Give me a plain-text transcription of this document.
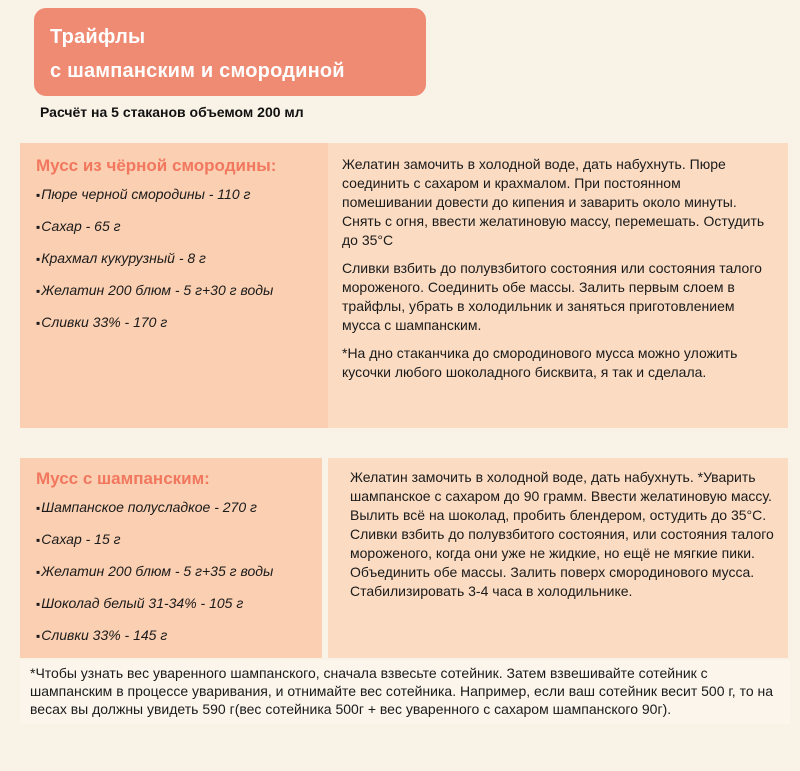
Трайфлы
с шампанским и смородиной
Расчёт на 5 стаканов объемом 200 мл
Мусс из чёрной смородины:
▪Пюре черной смородины - 110 г
▪Сахар - 65 г
▪Крахмал кукурузный - 8 г
▪Желатин 200 блюм - 5 г+30 г воды
▪Сливки 33% - 170 г

Желатин замочить в холодной воде, дать набухнуть. Пюре соединить с сахаром и крахмалом. При постоянном помешивании довести до кипения и заварить около минуты. Снять с огня, ввести желатиновую массу, перемешать. Остудить до 35°С

Сливки взбить до полувзбитого состояния или состояния талого мороженого. Соединить обе массы. Залить первым слоем в трайфлы, убрать в холодильник и заняться приготовлением мусса с шампанским.

*На дно стаканчика до смородинового мусса можно уложить кусочки любого шоколадного бисквита, я так и сделала.

Мусс с шампанским:
▪Шампанское полусладкое - 270 г
▪Сахар - 15 г
▪Желатин 200 блюм - 5 г+35 г воды
▪Шоколад белый 31-34% - 105 г
▪Сливки 33% - 145 г

Желатин замочить в холодной воде, дать набухнуть. *Уварить шампанское с сахаром до 90 грамм. Ввести желатиновую массу. Вылить всё на шоколад, пробить блендером, остудить до 35°С. Сливки взбить до полувзбитого состояния, или состояния талого мороженого, когда они уже не жидкие, но ещё не мягкие пики. Объединить обе массы. Залить поверх смородинового мусса. Стабилизировать 3-4 часа в холодильнике.

*Чтобы узнать вес уваренного шампанского, сначала взвесьте сотейник. Затем взвешивайте сотейник с шампанским в процессе уваривания, и отнимайте вес сотейника. Например, если ваш сотейник весит 500 г, то на весах вы должны увидеть 590 г(вес сотейника 500г + вес уваренного с сахаром шампанского 90г).
